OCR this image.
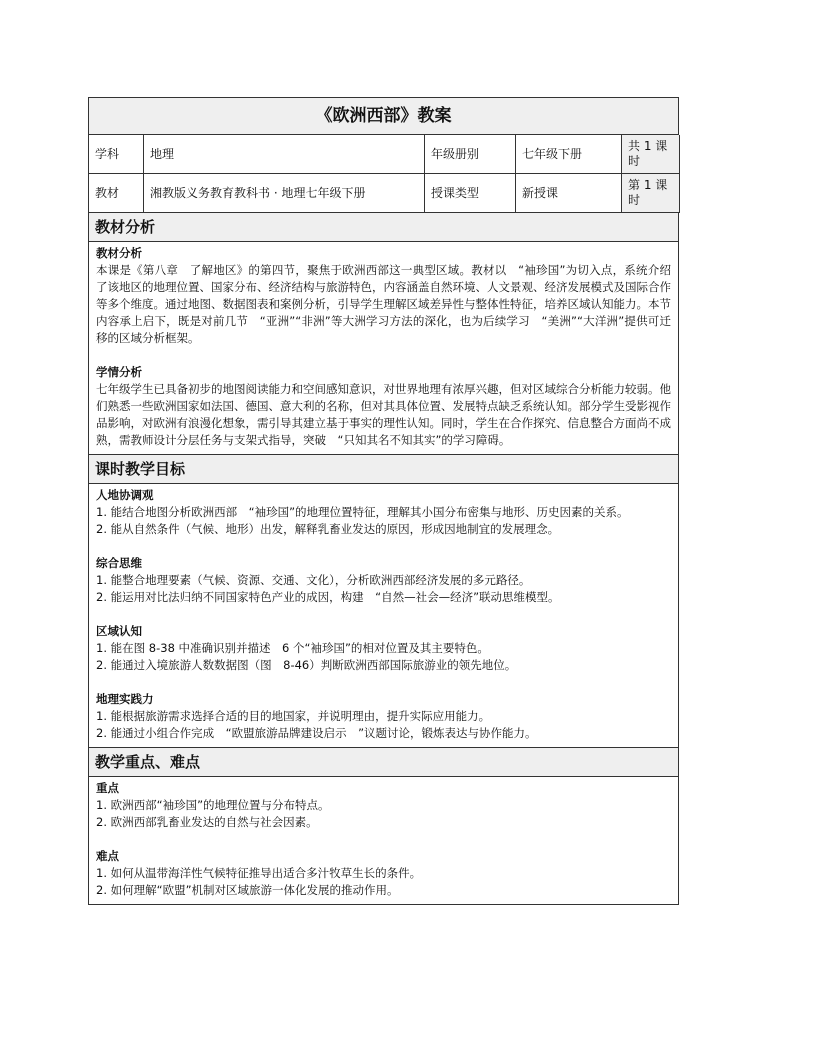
《欧洲西部》教案
学科	地理	年级册别	七年级下册	共 1 课时
教材	湘教版义务教育教科书 · 地理七年级下册	授课类型	新授课	第 1 课时
教材分析
教材分析
本课是《第八章　了解地区》的第四节，聚焦于欧洲西部这一典型区域。教材以　“袖珍国”为切入点，系统介绍了该地区的地理位置、国家分布、经济结构与旅游特色，内容涵盖自然环境、人文景观、经济发展模式及国际合作等多个维度。通过地图、数据图表和案例分析，引导学生理解区域差异性与整体性特征，培养区域认知能力。本节内容承上启下，既是对前几节　“亚洲”“非洲”等大洲学习方法的深化，也为后续学习　“美洲”“大洋洲”提供可迁移的区域分析框架。
学情分析
七年级学生已具备初步的地图阅读能力和空间感知意识，对世界地理有浓厚兴趣，但对区域综合分析能力较弱。他们熟悉一些欧洲国家如法国、德国、意大利的名称，但对其具体位置、发展特点缺乏系统认知。部分学生受影视作品影响，对欧洲有浪漫化想象，需引导其建立基于事实的理性认知。同时，学生在合作探究、信息整合方面尚不成熟，需教师设计分层任务与支架式指导，突破　“只知其名不知其实”的学习障碍。
课时教学目标
人地协调观
1. 能结合地图分析欧洲西部　“袖珍国”的地理位置特征，理解其小国分布密集与地形、历史因素的关系。
2. 能从自然条件（气候、地形）出发，解释乳畜业发达的原因，形成因地制宜的发展理念。
综合思维
1. 能整合地理要素（气候、资源、交通、文化），分析欧洲西部经济发展的多元路径。
2. 能运用对比法归纳不同国家特色产业的成因，构建　“自然—社会—经济”联动思维模型。
区域认知
1. 能在图 8-38 中准确识别并描述　6 个“袖珍国”的相对位置及其主要特色。
2. 能通过入境旅游人数数据图（图　8-46）判断欧洲西部国际旅游业的领先地位。
地理实践力
1. 能根据旅游需求选择合适的目的地国家，并说明理由，提升实际应用能力。
2. 能通过小组合作完成　“欧盟旅游品牌建设启示　”议题讨论，锻炼表达与协作能力。
教学重点、难点
重点
1. 欧洲西部“袖珍国”的地理位置与分布特点。
2. 欧洲西部乳畜业发达的自然与社会因素。
难点
1. 如何从温带海洋性气候特征推导出适合多汁牧草生长的条件。
2. 如何理解“欧盟”机制对区域旅游一体化发展的推动作用。
